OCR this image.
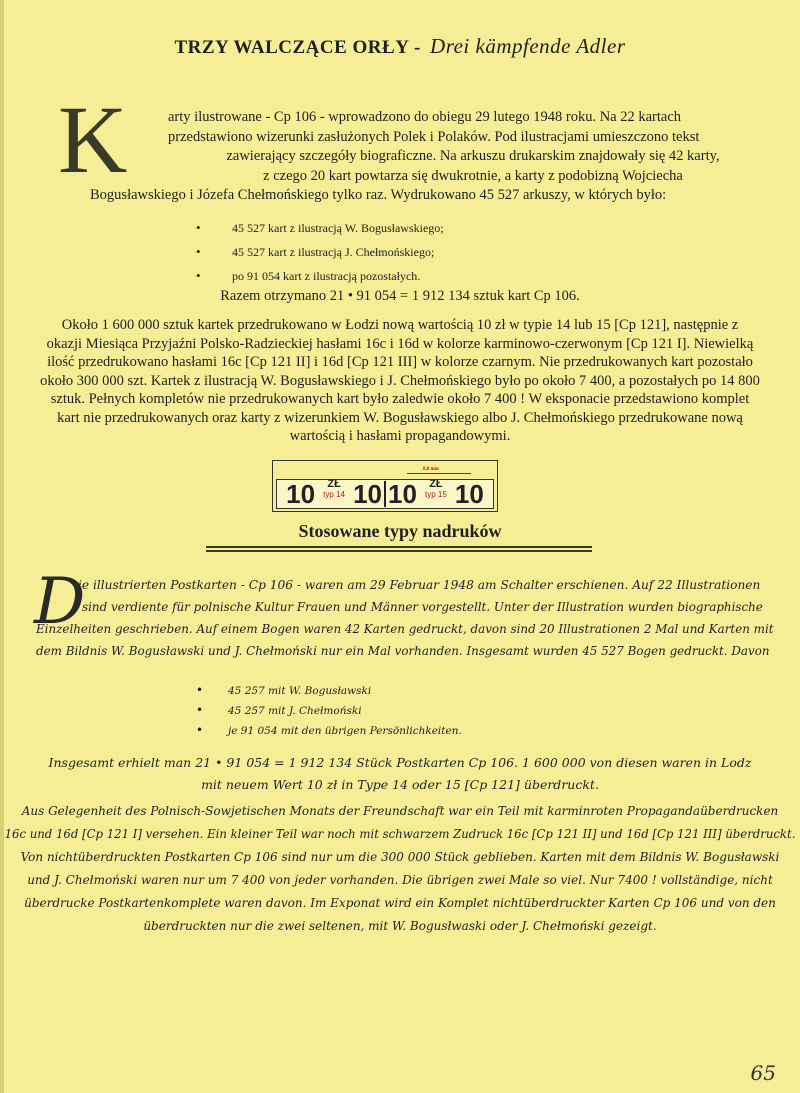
TRZY WALCZĄCE ORŁY - Drei kämpfende Adler
K	arty ilustrowane - Cp 106 - wprowadzono do obiegu 29 lutego 1948 roku. Na 22 kartach
przedstawiono wizerunki zasłużonych Polek i Polaków. Pod ilustracjami umieszczono tekst
zawierający szczegóły biograficzne. Na arkuszu drukarskim znajdowały się 42 karty,
z czego 20 kart powtarza się dwukrotnie, a karty z podobizną Wojciecha
Bogusławskiego i Józefa Chełmońskiego tylko raz. Wydrukowano 45 527 arkuszy, w których było:
•	45 527 kart z ilustracją W. Bogusławskiego;
•	45 527 kart z ilustracją J. Chełmońskiego;
•	po 91 054 kart z ilustracją pozostałych.
Razem otrzymano 21 • 91 054 = 1 912 134 sztuk kart Cp 106.
Około 1 600 000 sztuk kartek przedrukowano w Łodzi nową wartością 10 zł w typie 14 lub 15 [Cp 121], następnie z
okazji Miesiąca Przyjaźni Polsko-Radzieckiej hasłami 16c i 16d w kolorze karminowo-czerwonym [Cp 121 I]. Niewielką
ilość przedrukowano hasłami 16c [Cp 121 II] i 16d [Cp 121 III] w kolorze czarnym. Nie przedrukowanych kart pozostało
około 300 000 szt. Kartek z ilustracją W. Bogusławskiego i J. Chełmońskiego było po około 7 400, a pozostałych po 14 800
sztuk. Pełnych kompletów nie przedrukowanych kart było zaledwie około 7 400 ! W eksponacie przedstawiono komplet
kart nie przedrukowanych oraz karty z wizerunkiem W. Bogusławskiego albo J. Chełmońskiego przedrukowane nową
wartością i hasłami propagandowymi.
8,8 mm
10	ZŁ
typ 14 10 10	ZŁ
typ 15 10
Stosowane typy nadruków
D
ie illustrierten Postkarten - Cp 106 - waren am 29 Februar 1948 am Schalter erschienen. Auf 22 Illustrationen
sind verdiente für polnische Kultur Frauen und Männer vorgestellt. Unter der Illustration wurden biographische
Einzelheiten geschrieben. Auf einem Bogen waren 42 Karten gedruckt, davon sind 20 Illustrationen 2 Mal und Karten mit
dem Bildnis W. Bogusławski und J. Chełmoński nur ein Mal vorhanden. Insgesamt wurden 45 527 Bogen gedruckt. Davon
• 45 257 mit W. Bogusławski
• 45 257 mit J. Chełmoński
• je 91 054 mit den übrigen Persönlichkeiten.
Insgesamt erhielt man 21 • 91 054 = 1 912 134 Stück Postkarten Cp 106. 1 600 000 von diesen waren in Lodz
mit neuem Wert 10 zł in Type 14 oder 15 [Cp 121] überdruckt.
Aus Gelegenheit des Polnisch-Sowjetischen Monats der Freundschaft war ein Teil mit karminroten Propagandaüberdrucken
16c und 16d [Cp 121 I] versehen. Ein kleiner Teil war noch mit schwarzem Zudruck 16c [Cp 121 II] und 16d [Cp 121 III] überdruckt.
Von nichtüberdruckten Postkarten Cp 106 sind nur um die 300 000 Stück geblieben. Karten mit dem Bildnis W. Bogusławski
und J. Chełmoński waren nur um 7 400 von jeder vorhanden. Die übrigen zwei Male so viel. Nur 7400 ! vollständige, nicht
überdrucke Postkartenkomplete waren davon. Im Exponat wird ein Komplet nichtüberdruckter Karten Cp 106 und von den
überdruckten nur die zwei seltenen, mit W. Bogusłwaski oder J. Chełmoński gezeigt.
65
